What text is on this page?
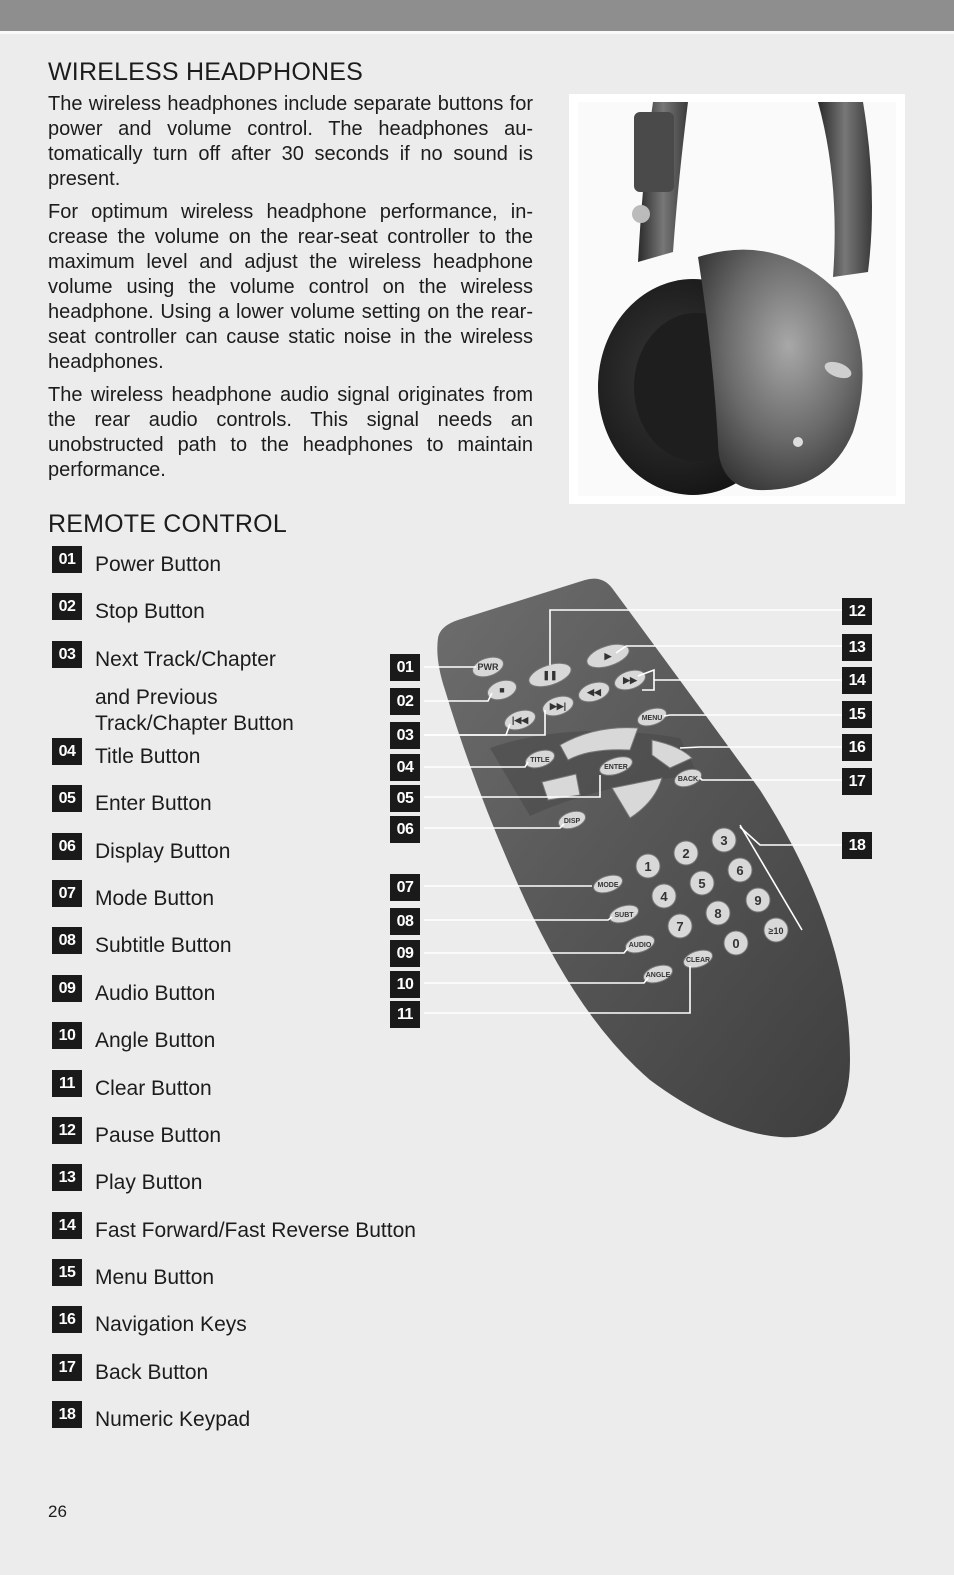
WIRELESS HEADPHONES

The wireless headphones include separate buttons for power and volume control. The headphones au-tomatically turn off after 30 seconds if no sound is present.

For optimum wireless headphone performance, in-crease the volume on the rear-seat controller to the maximum level and adjust the wireless headphone volume using the volume control on the wireless headphone. Using a lower volume setting on the rear-seat controller can cause static noise in the wireless headphones.

The wireless headphone audio signal originates from the rear audio controls. This signal needs an unobstructed path to the headphones to maintain performance.

REMOTE CONTROL
01 Power Button
02 Stop Button
03 Next Track/Chapter
and Previous
Track/Chapter Button
04 Title Button
05 Enter Button
06 Display Button
07 Mode Button
08 Subtitle Button
09 Audio Button
10 Angle Button
11 Clear Button
12 Pause Button
13 Play Button
14 Fast Forward/Fast Reverse Button
15 Menu Button
16 Navigation Keys
17 Back Button
18 Numeric Keypad
PWR
❚❚
▶
■	◀◀
▶▶
|◀◀
▶▶|
MENU
TITLE
ENTER
BACK
DISP
MODE
SUBT
AUDIO
ANGLE
CLEAR
1
2
3
4
5
6
7
8
9
0
≥10
01
02
03
04
05
06
07
08
09
10
11
12
13
14
15
16
17
18
26
